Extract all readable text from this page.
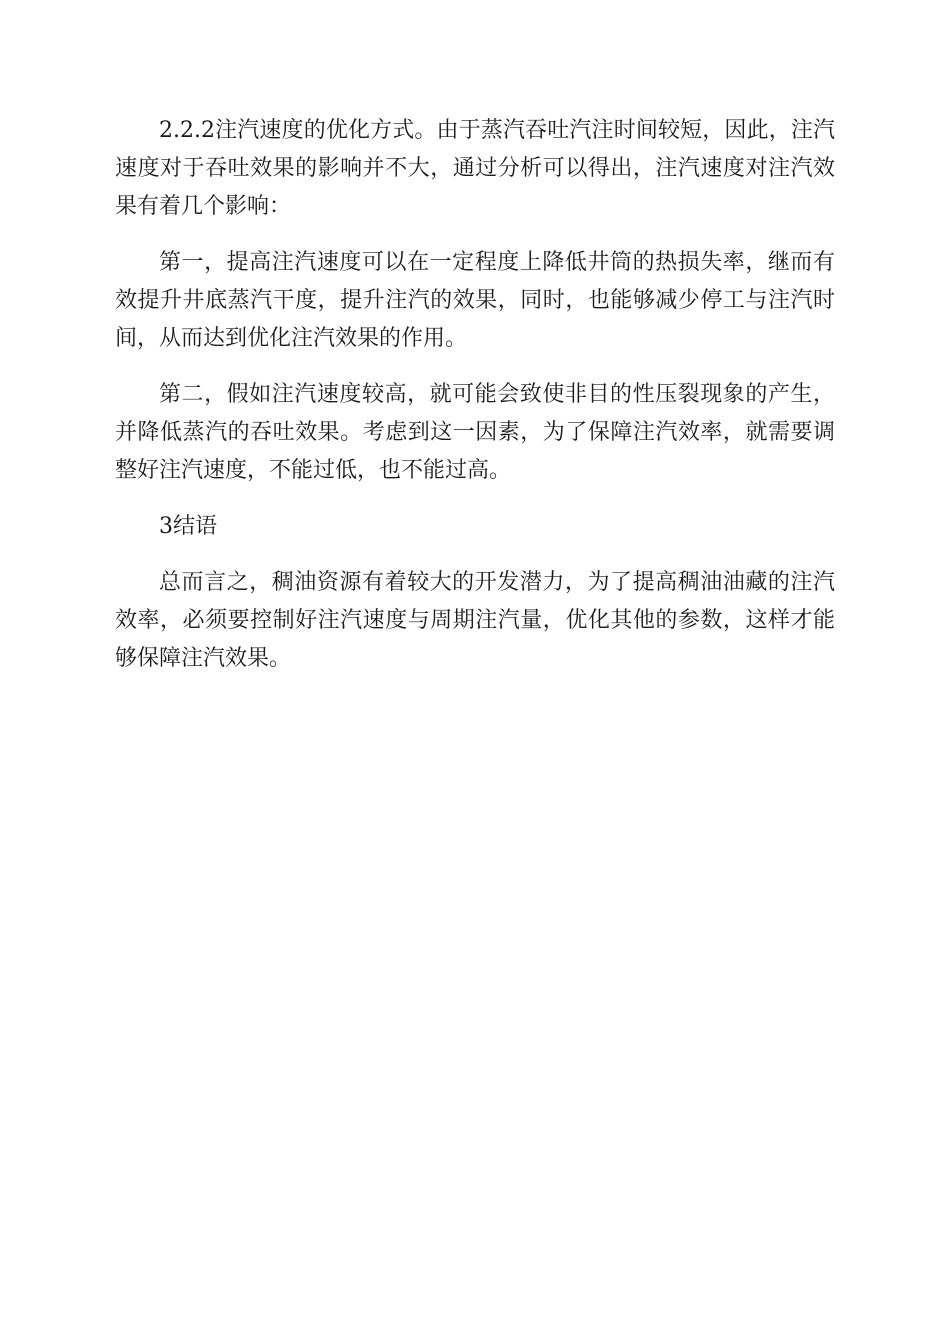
2.2.2注汽速度的优化方式。由于蒸汽吞吐汽注时间较短，因此，注汽速度对于吞吐效果的影响并不大，通过分析可以得出，注汽速度对注汽效果有着几个影响：

第一，提高注汽速度可以在一定程度上降低井筒的热损失率，继而有效提升井底蒸汽干度，提升注汽的效果，同时，也能够减少停工与注汽时间，从而达到优化注汽效果的作用。

第二，假如注汽速度较高，就可能会致使非目的性压裂现象的产生，并降低蒸汽的吞吐效果。考虑到这一因素，为了保障注汽效率，就需要调整好注汽速度，不能过低，也不能过高。

3结语

总而言之，稠油资源有着较大的开发潜力，为了提高稠油油藏的注汽效率，必须要控制好注汽速度与周期注汽量，优化其他的参数，这样才能够保障注汽效果。
